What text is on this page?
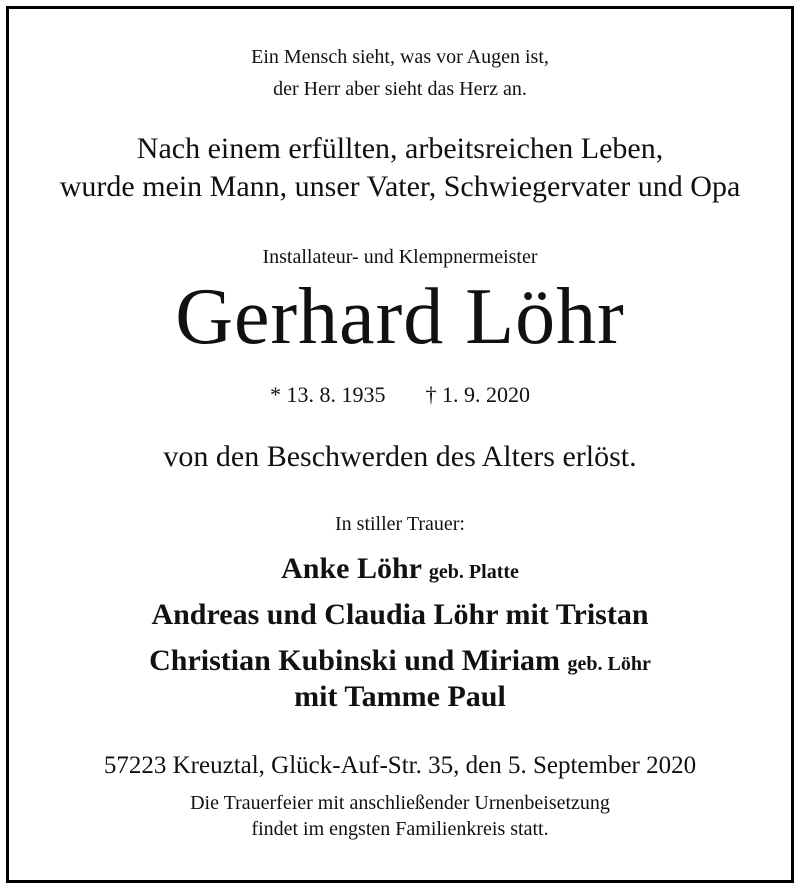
Ein Mensch sieht, was vor Augen ist,

der Herr aber sieht das Herz an.

Nach einem erfüllten, arbeitsreichen Leben,

wurde mein Mann, unser Vater, Schwiegervater und Opa

Installateur- und Klempnermeister

Gerhard Löhr

* 13. 8. 1935 † 1. 9. 2020

von den Beschwerden des Alters erlöst.

In stiller Trauer:

Anke Löhr geb. Platte

Andreas und Claudia Löhr mit Tristan

Christian Kubinski und Miriam geb. Löhr

mit Tamme Paul

57223 Kreuztal, Glück-Auf-Str. 35, den 5. September 2020

Die Trauerfeier mit anschließender Urnenbeisetzung

findet im engsten Familienkreis statt.
